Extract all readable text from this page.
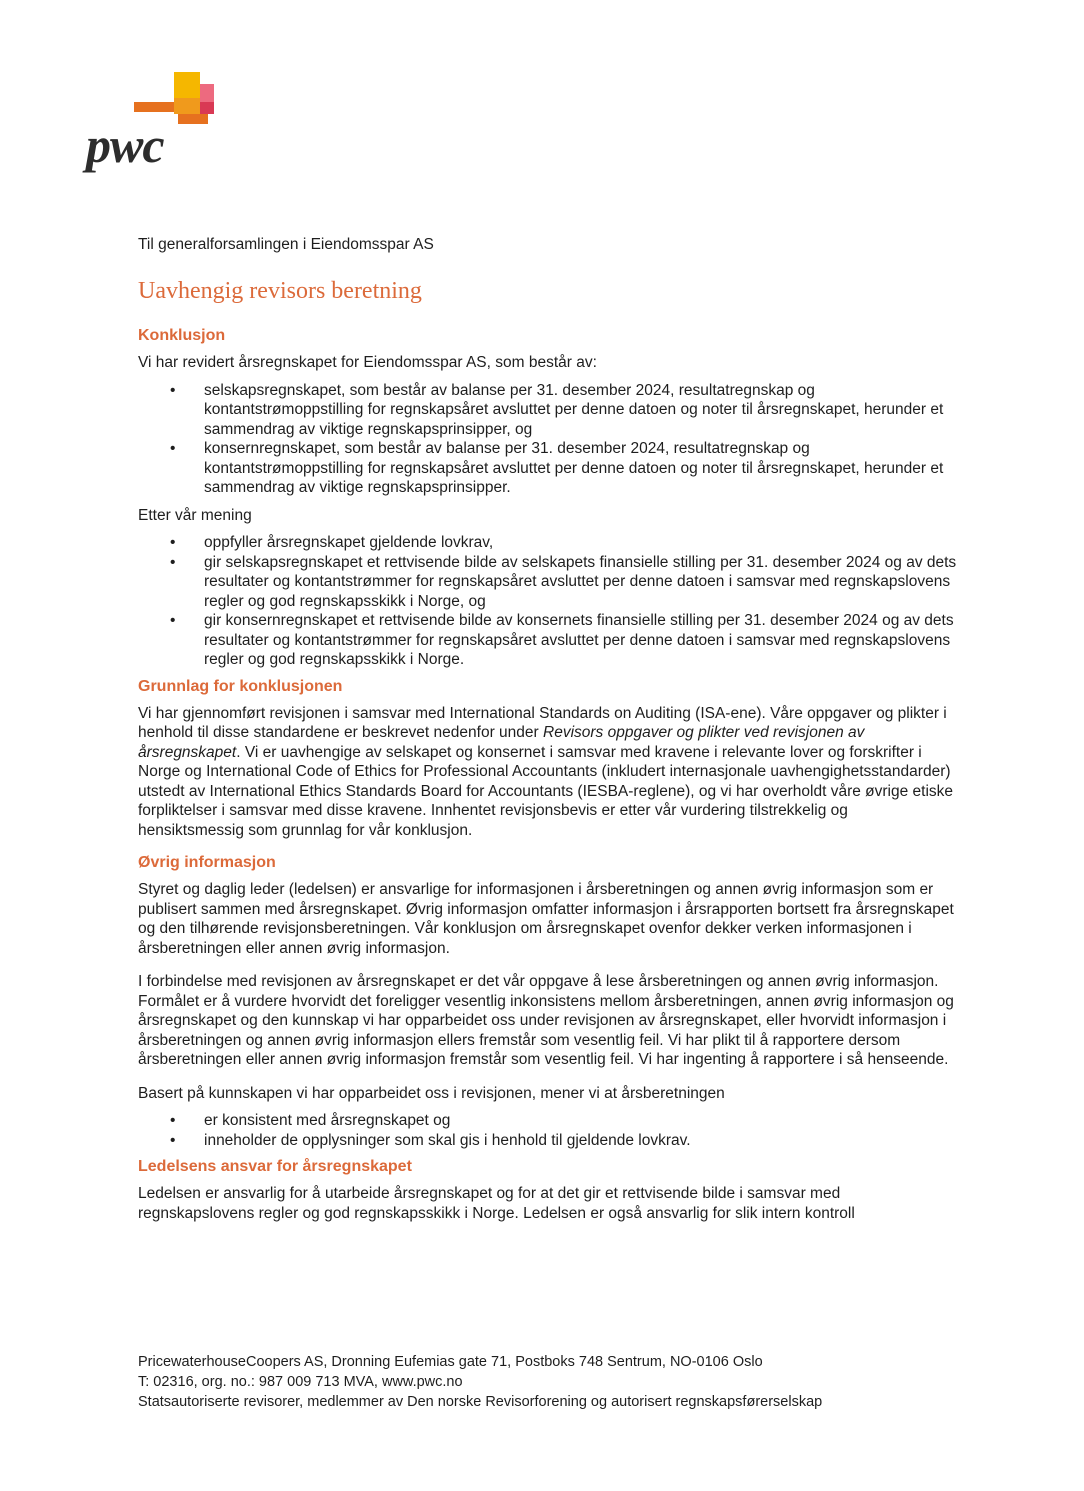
pwc
Til generalforsamlingen i Eiendomsspar AS
Uavhengig revisors beretning
Konklusjon

Vi har revidert årsregnskapet for Eiendomsspar AS, som består av:

• selskapsregnskapet, som består av balanse per 31. desember 2024, resultatregnskap og kontantstrømoppstilling for regnskapsåret avsluttet per denne datoen og noter til årsregnskapet, herunder et sammendrag av viktige regnskapsprinsipper, og
• konsernregnskapet, som består av balanse per 31. desember 2024, resultatregnskap og kontantstrømoppstilling for regnskapsåret avsluttet per denne datoen og noter til årsregnskapet, herunder et sammendrag av viktige regnskapsprinsipper.

Etter vår mening

• oppfyller årsregnskapet gjeldende lovkrav,
• gir selskapsregnskapet et rettvisende bilde av selskapets finansielle stilling per 31. desember 2024 og av dets resultater og kontantstrømmer for regnskapsåret avsluttet per denne datoen i samsvar med regnskapslovens regler og god regnskapsskikk i Norge, og
• gir konsernregnskapet et rettvisende bilde av konsernets finansielle stilling per 31. desember 2024 og av dets resultater og kontantstrømmer for regnskapsåret avsluttet per denne datoen i samsvar med regnskapslovens regler og god regnskapsskikk i Norge.
Grunnlag for konklusjonen

Vi har gjennomført revisjonen i samsvar med International Standards on Auditing (ISA-ene). Våre oppgaver og plikter i henhold til disse standardene er beskrevet nedenfor under Revisors oppgaver og plikter ved revisjonen av årsregnskapet. Vi er uavhengige av selskapet og konsernet i samsvar med kravene i relevante lover og forskrifter i Norge og International Code of Ethics for Professional Accountants (inkludert internasjonale uavhengighetsstandarder) utstedt av International Ethics Standards Board for Accountants (IESBA-reglene), og vi har overholdt våre øvrige etiske forpliktelser i samsvar med disse kravene. Innhentet revisjonsbevis er etter vår vurdering tilstrekkelig og hensiktsmessig som grunnlag for vår konklusjon.

Øvrig informasjon

Styret og daglig leder (ledelsen) er ansvarlige for informasjonen i årsberetningen og annen øvrig informasjon som er publisert sammen med årsregnskapet. Øvrig informasjon omfatter informasjon i årsrapporten bortsett fra årsregnskapet og den tilhørende revisjonsberetningen. Vår konklusjon om årsregnskapet ovenfor dekker verken informasjonen i årsberetningen eller annen øvrig informasjon.

I forbindelse med revisjonen av årsregnskapet er det vår oppgave å lese årsberetningen og annen øvrig informasjon. Formålet er å vurdere hvorvidt det foreligger vesentlig inkonsistens mellom årsberetningen, annen øvrig informasjon og årsregnskapet og den kunnskap vi har opparbeidet oss under revisjonen av årsregnskapet, eller hvorvidt informasjon i årsberetningen og annen øvrig informasjon ellers fremstår som vesentlig feil. Vi har plikt til å rapportere dersom årsberetningen eller annen øvrig informasjon fremstår som vesentlig feil. Vi har ingenting å rapportere i så henseende.

Basert på kunnskapen vi har opparbeidet oss i revisjonen, mener vi at årsberetningen

• er konsistent med årsregnskapet og
• inneholder de opplysninger som skal gis i henhold til gjeldende lovkrav.
Ledelsens ansvar for årsregnskapet

Ledelsen er ansvarlig for å utarbeide årsregnskapet og for at det gir et rettvisende bilde i samsvar med regnskapslovens regler og god regnskapsskikk i Norge. Ledelsen er også ansvarlig for slik intern kontroll

PricewaterhouseCoopers AS, Dronning Eufemias gate 71, Postboks 748 Sentrum, NO-0106 Oslo
T: 02316, org. no.: 987 009 713 MVA, www.pwc.no
Statsautoriserte revisorer, medlemmer av Den norske Revisorforening og autorisert regnskapsførerselskap
